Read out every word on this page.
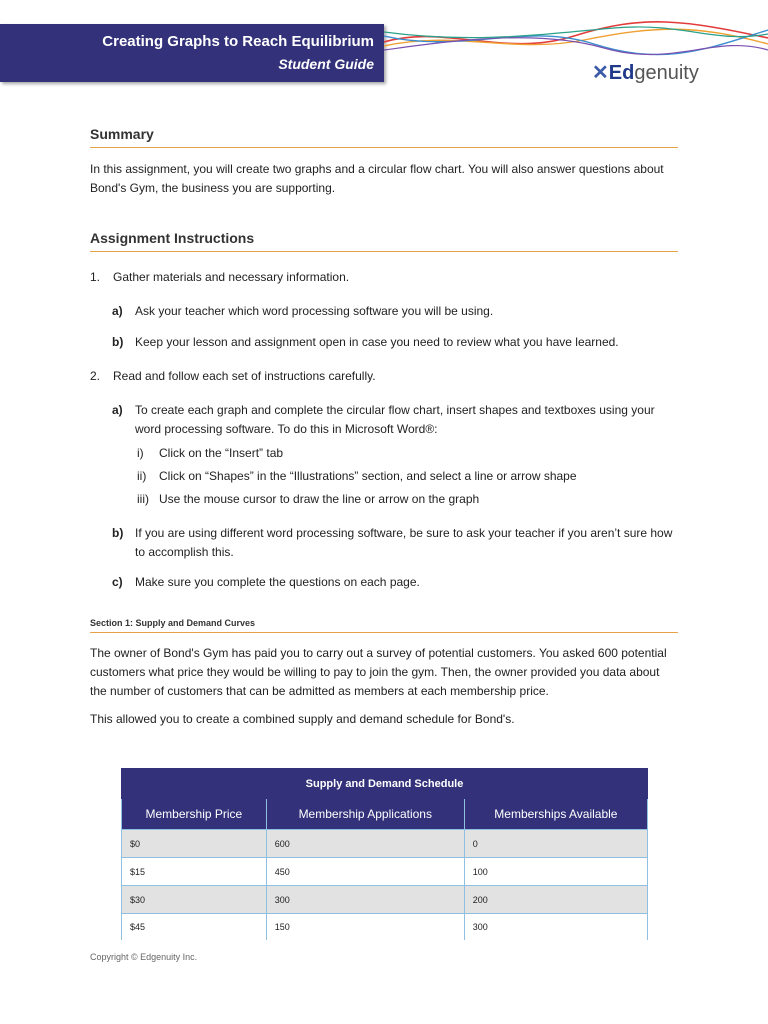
Creating Graphs to Reach Equilibrium
Student Guide	✕Edgenuity
Summary

In this assignment, you will create two graphs and a circular flow chart. You will also answer questions about Bond's Gym, the business you are supporting.

Assignment Instructions
1.	Gather materials and necessary information.
a)	Ask your teacher which word processing software you will be using.
b) Keep your lesson and assignment open in case you need to review what you have learned.
2.	Read and follow each set of instructions carefully.
a)	To create each graph and complete the circular flow chart, insert shapes and textboxes using your word processing software. To do this in Microsoft Word®:
i)	Click on the “Insert” tab
ii)	Click on “Shapes” in the “Illustrations” section, and select a line or arrow shape
iii) Use the mouse cursor to draw the line or arrow on the graph
b) If you are using different word processing software, be sure to ask your teacher if you aren’t sure how to accomplish this.
c)	Make sure you complete the questions on each page.
Section 1: Supply and Demand Curves

The owner of Bond's Gym has paid you to carry out a survey of potential customers. You asked 600 potential customers what price they would be willing to pay to join the gym. Then, the owner provided you data about the number of customers that can be admitted as members at each membership price.

This allowed you to create a combined supply and demand schedule for Bond's.

Supply and Demand Schedule		
Membership Price	Membership Applications	Memberships Available
$0	600	0
$15	450	100
$30	300	200
$45	150	300
Copyright © Edgenuity Inc.
